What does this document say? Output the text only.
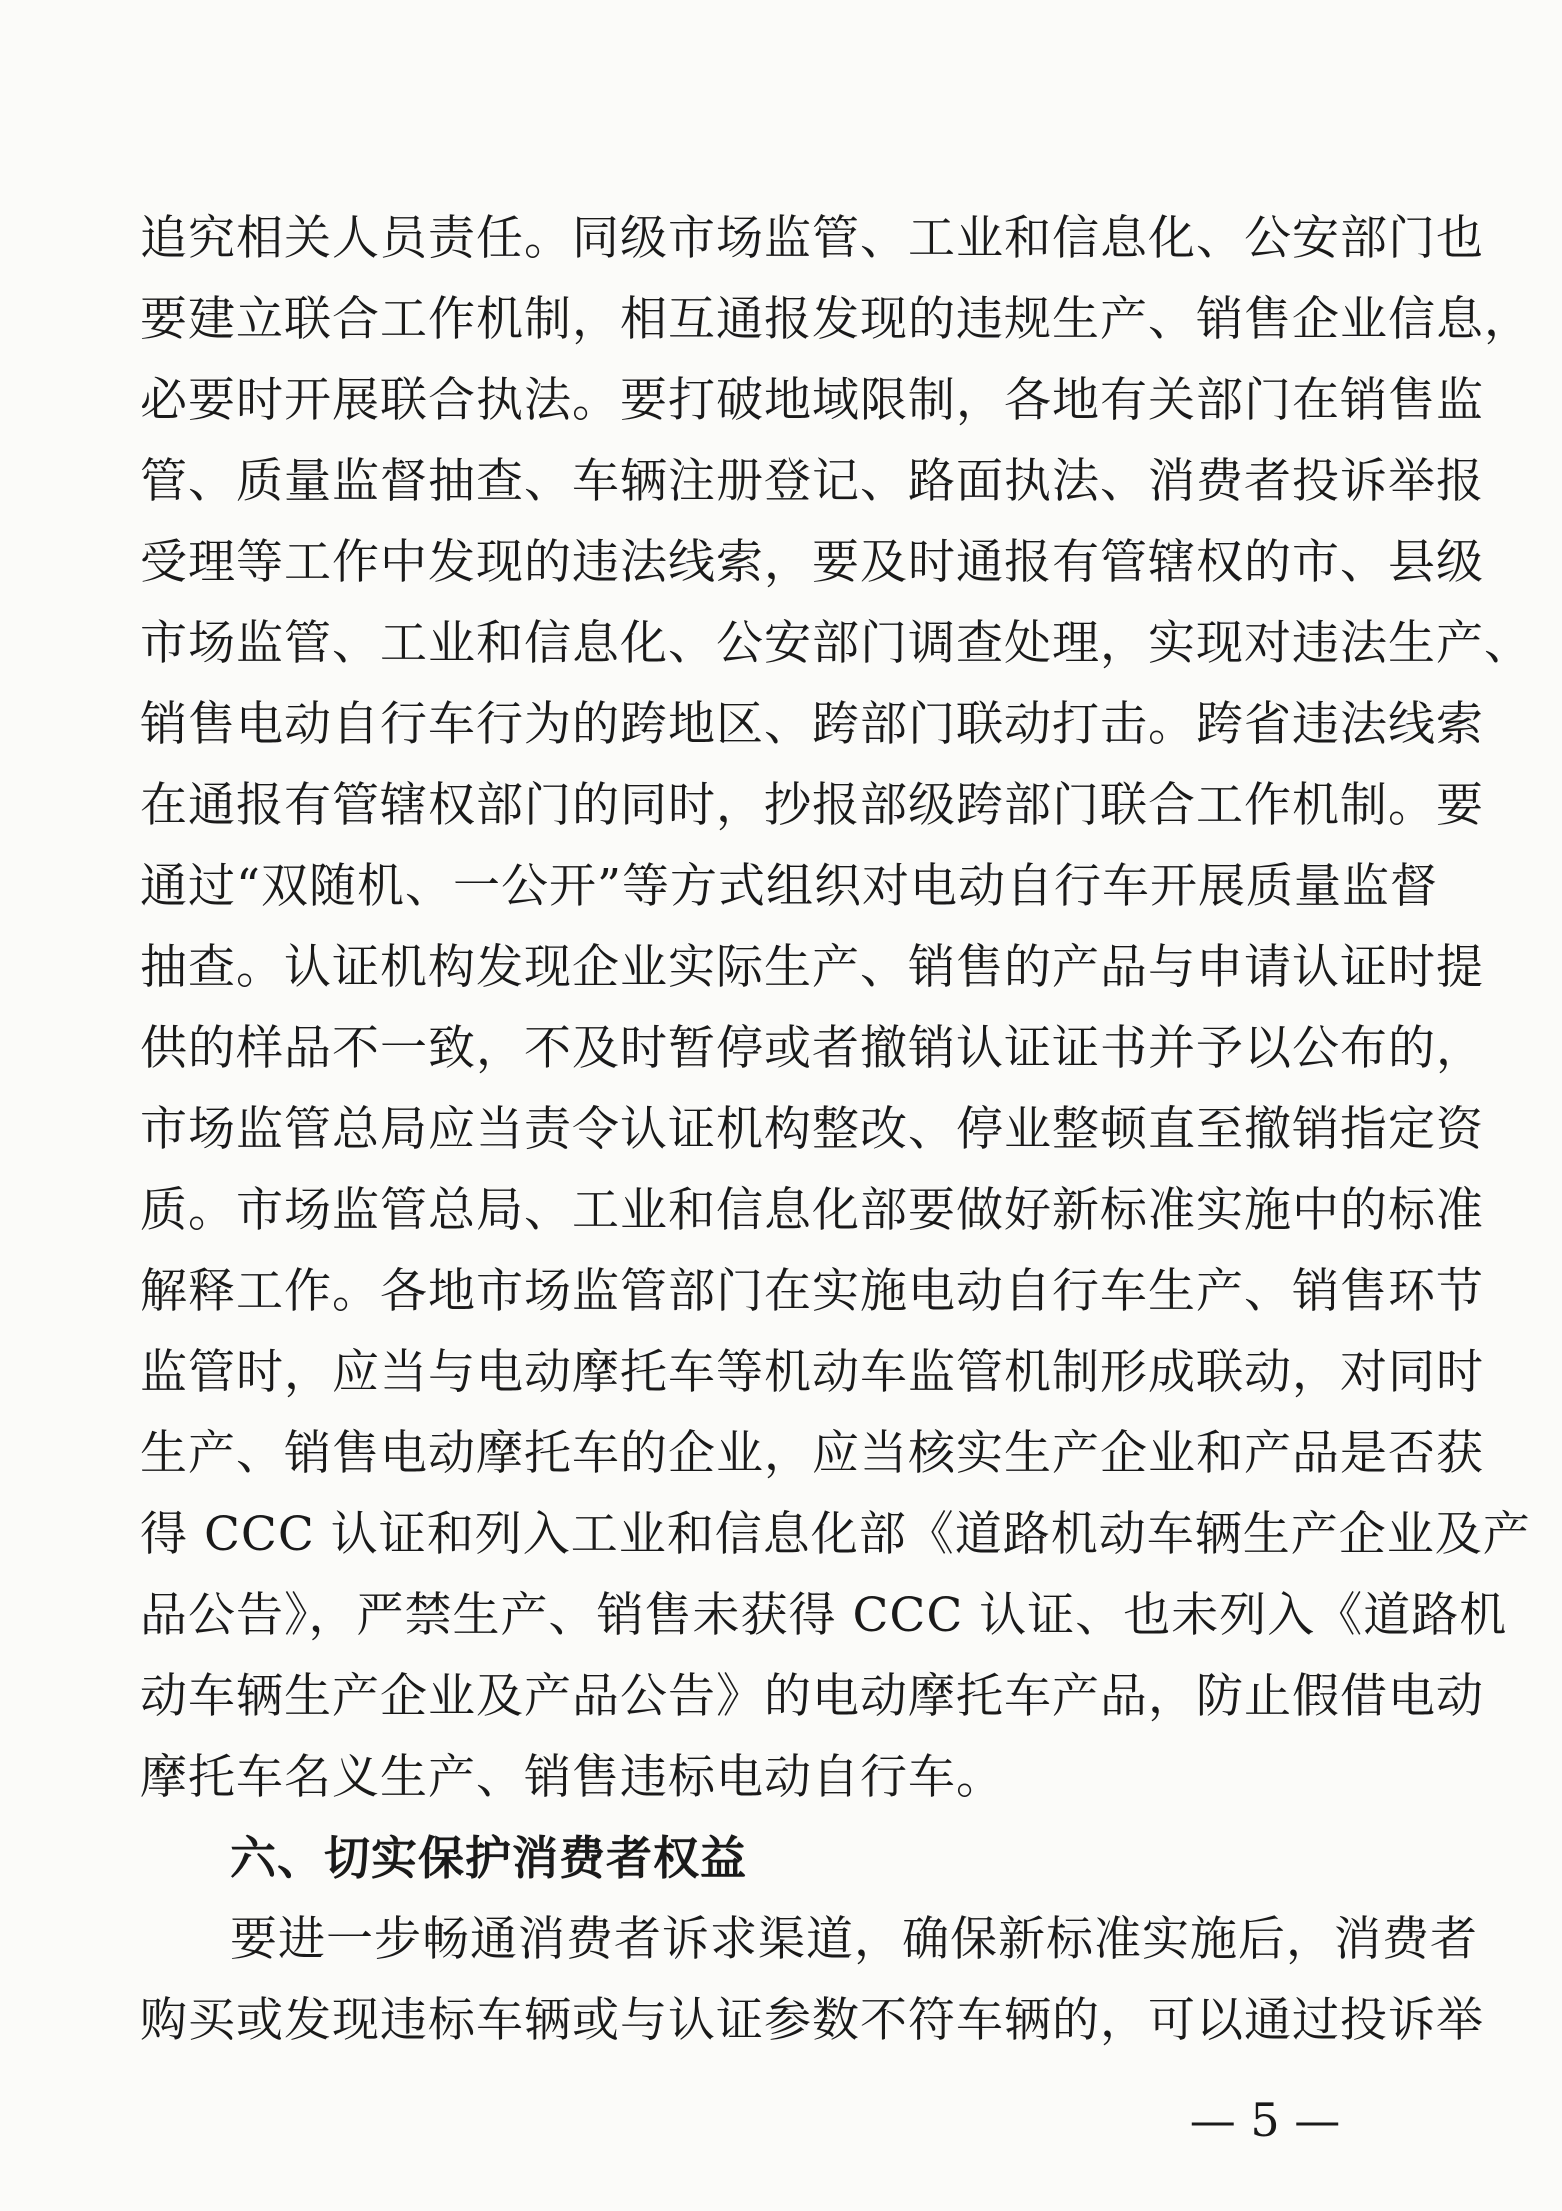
追究相关人员责任。同级市场监管、工业和信息化、公安部门也
要建立联合工作机制，相互通报发现的违规生产、销售企业信息，
必要时开展联合执法。要打破地域限制，各地有关部门在销售监
管、质量监督抽查、车辆注册登记、路面执法、消费者投诉举报
受理等工作中发现的违法线索，要及时通报有管辖权的市、县级
市场监管、工业和信息化、公安部门调查处理，实现对违法生产、
销售电动自行车行为的跨地区、跨部门联动打击。跨省违法线索
在通报有管辖权部门的同时，抄报部级跨部门联合工作机制。要
通过“双随机、一公开”等方式组织对电动自行车开展质量监督
抽查。认证机构发现企业实际生产、销售的产品与申请认证时提
供的样品不一致，不及时暂停或者撤销认证证书并予以公布的，
市场监管总局应当责令认证机构整改、停业整顿直至撤销指定资
质。市场监管总局、工业和信息化部要做好新标准实施中的标准
解释工作。各地市场监管部门在实施电动自行车生产、销售环节
监管时，应当与电动摩托车等机动车监管机制形成联动，对同时
生产、销售电动摩托车的企业，应当核实生产企业和产品是否获
得 CCC 认证和列入工业和信息化部《道路机动车辆生产企业及产
品公告》，严禁生产、销售未获得 CCC 认证、也未列入《道路机
动车辆生产企业及产品公告》的电动摩托车产品，防止假借电动
摩托车名义生产、销售违标电动自行车。
六、切实保护消费者权益
要进一步畅通消费者诉求渠道，确保新标准实施后，消费者
购买或发现违标车辆或与认证参数不符车辆的，可以通过投诉举
— 5 —
